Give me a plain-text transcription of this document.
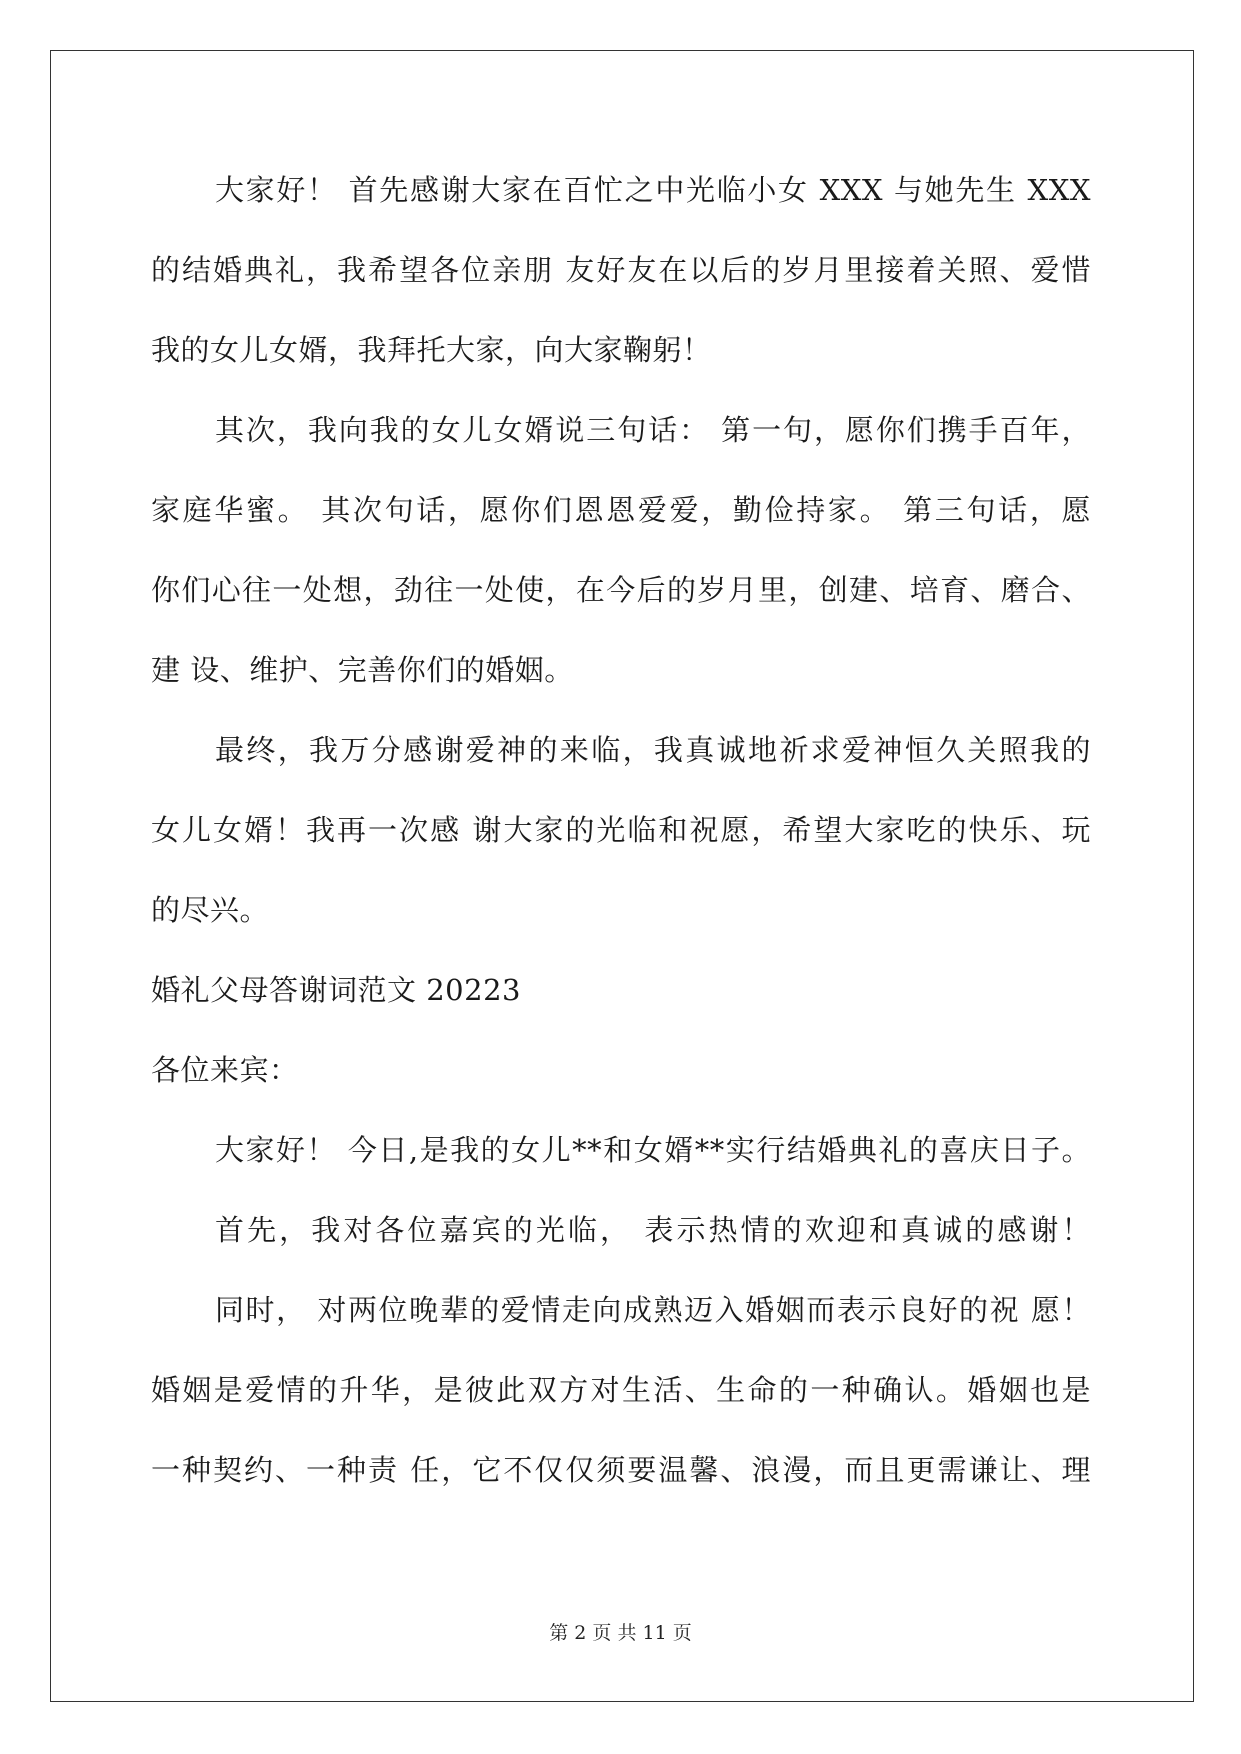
大家好！ 首先感谢大家在百忙之中光临小女 XXX 与她先生 XXX
的结婚典礼，我希望各位亲朋 友好友在以后的岁月里接着关照、爱惜
我的女儿女婿，我拜托大家，向大家鞠躬！
其次，我向我的女儿女婿说三句话： 第一句，愿你们携手百年，
家庭华蜜。 其次句话，愿你们恩恩爱爱，勤俭持家。 第三句话，愿
你们心往一处想，劲往一处使，在今后的岁月里，创建、培育、磨合、
建 设、维护、完善你们的婚姻。
最终，我万分感谢爱神的来临，我真诚地祈求爱神恒久关照我的
女儿女婿！我再一次感 谢大家的光临和祝愿，希望大家吃的快乐、玩
的尽兴。
婚礼父母答谢词范文 20223
各位来宾：
大家好！ 今日,是我的女儿**和女婿**实行结婚典礼的喜庆日子。
首先，我对各位嘉宾的光临， 表示热情的欢迎和真诚的感谢！
同时， 对两位晚辈的爱情走向成熟迈入婚姻而表示良好的祝 愿！
婚姻是爱情的升华，是彼此双方对生活、生命的一种确认。婚姻也是
一种契约、一种责 任，它不仅仅须要温馨、浪漫，而且更需谦让、理
第 2 页 共 11 页
